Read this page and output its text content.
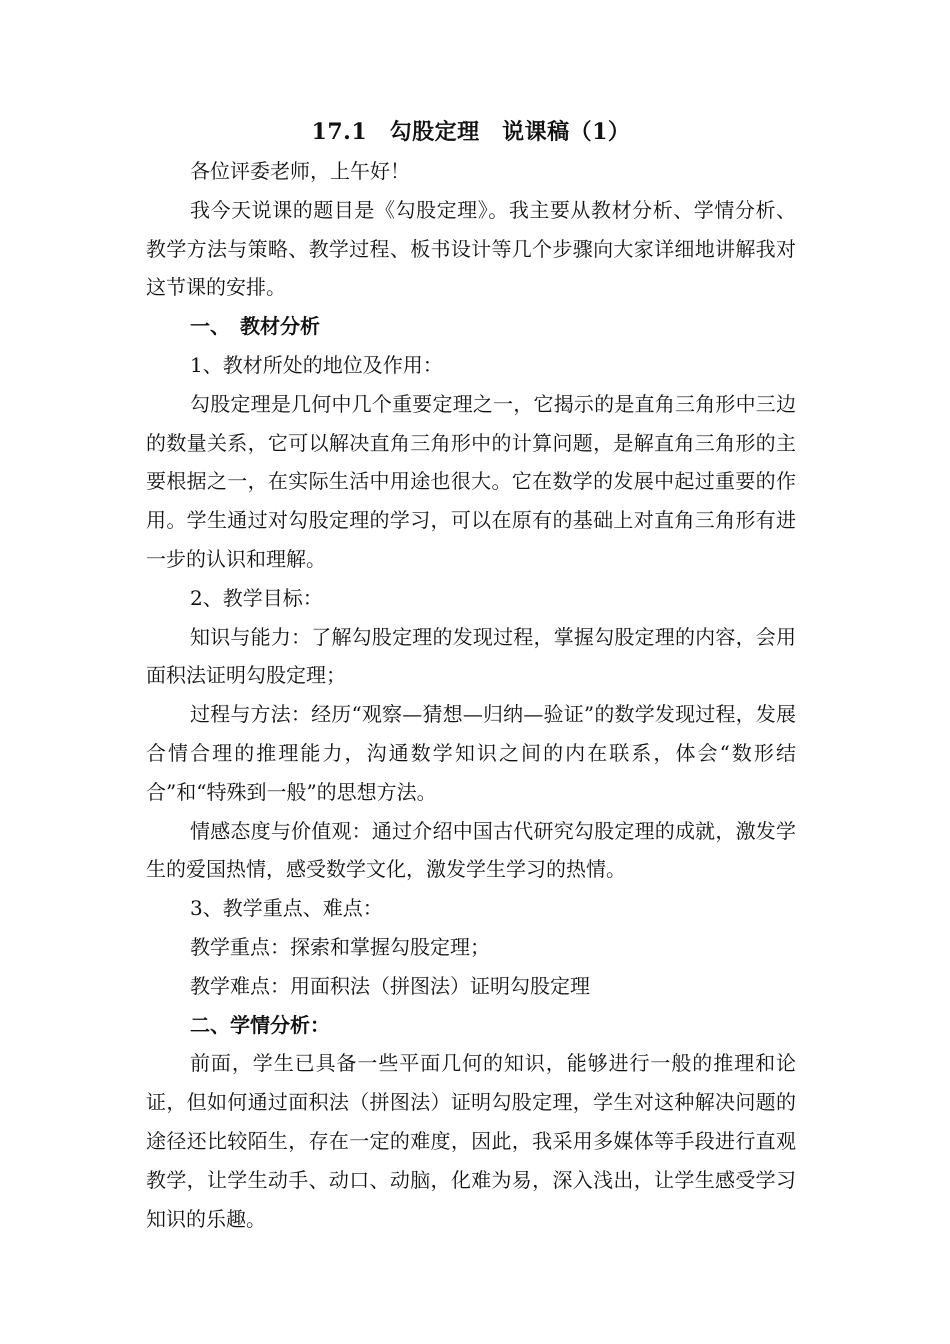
17.1　勾股定理　说课稿（1）

各位评委老师，上午好！

我今天说课的题目是《勾股定理》。我主要从教材分析、学情分析、教学方法与策略、教学过程、板书设计等几个步骤向大家详细地讲解我对这节课的安排。

一、　教材分析

1、教材所处的地位及作用：

勾股定理是几何中几个重要定理之一，它揭示的是直角三角形中三边的数量关系，它可以解决直角三角形中的计算问题，是解直角三角形的主要根据之一，在实际生活中用途也很大。它在数学的发展中起过重要的作用。学生通过对勾股定理的学习，可以在原有的基础上对直角三角形有进一步的认识和理解。

2、教学目标：

知识与能力：了解勾股定理的发现过程，掌握勾股定理的内容，会用面积法证明勾股定理；

过程与方法：经历“观察—猜想—归纳—验证”的数学发现过程，发展合情合理的推理能力，沟通数学知识之间的内在联系，体会“数形结合”和“特殊到一般”的思想方法。

情感态度与价值观：通过介绍中国古代研究勾股定理的成就，激发学生的爱国热情，感受数学文化，激发学生学习的热情。

3、教学重点、难点：

教学重点：探索和掌握勾股定理；

教学难点：用面积法（拼图法）证明勾股定理

二、学情分析：

前面，学生已具备一些平面几何的知识，能够进行一般的推理和论证，但如何通过面积法（拼图法）证明勾股定理，学生对这种解决问题的途径还比较陌生，存在一定的难度，因此，我采用多媒体等手段进行直观教学，让学生动手、动口、动脑，化难为易，深入浅出，让学生感受学习知识的乐趣。
